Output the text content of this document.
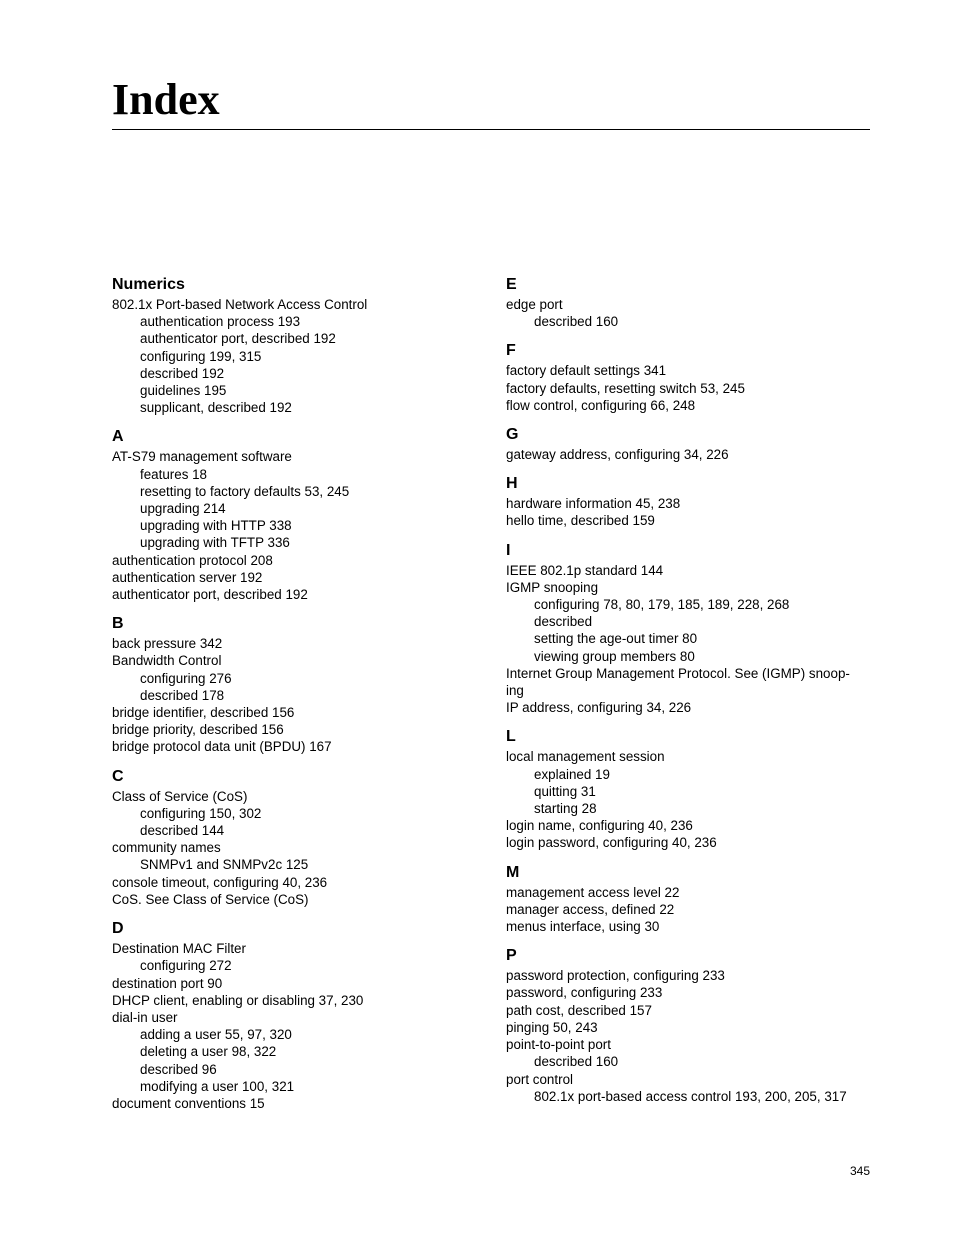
Index
Numerics
802.1x Port-based Network Access Control
authentication process 193
authenticator port, described 192
configuring 199, 315
described 192
guidelines 195
supplicant, described 192
A
AT-S79 management software
features 18
resetting to factory defaults 53, 245
upgrading 214
upgrading with HTTP 338
upgrading with TFTP 336
authentication protocol 208
authentication server 192
authenticator port, described 192
B
back pressure 342
Bandwidth Control
configuring 276
described 178
bridge identifier, described 156
bridge priority, described 156
bridge protocol data unit (BPDU) 167
C
Class of Service (CoS)
configuring 150, 302
described 144
community names
SNMPv1 and SNMPv2c 125
console timeout, configuring 40, 236
CoS. See Class of Service (CoS)
D
Destination MAC Filter
configuring 272
destination port 90
DHCP client, enabling or disabling 37, 230
dial-in user
adding a user 55, 97, 320
deleting a user 98, 322
described 96
modifying a user 100, 321
document conventions 15
E
edge port
described 160
F
factory default settings 341
factory defaults, resetting switch 53, 245
flow control, configuring 66, 248
G
gateway address, configuring 34, 226
H
hardware information 45, 238
hello time, described 159
I
IEEE 802.1p standard 144
IGMP snooping
configuring 78, 80, 179, 185, 189, 228, 268
described
setting the age-out timer 80
viewing group members 80
Internet Group Management Protocol. See (IGMP) snoop-
ing
IP address, configuring 34, 226
L
local management session
explained 19
quitting 31
starting 28
login name, configuring 40, 236
login password, configuring 40, 236
M
management access level 22
manager access, defined 22
menus interface, using 30
P
password protection, configuring 233
password, configuring 233
path cost, described 157
pinging 50, 243
point-to-point port
described 160
port control
802.1x port-based access control 193, 200, 205, 317
345
